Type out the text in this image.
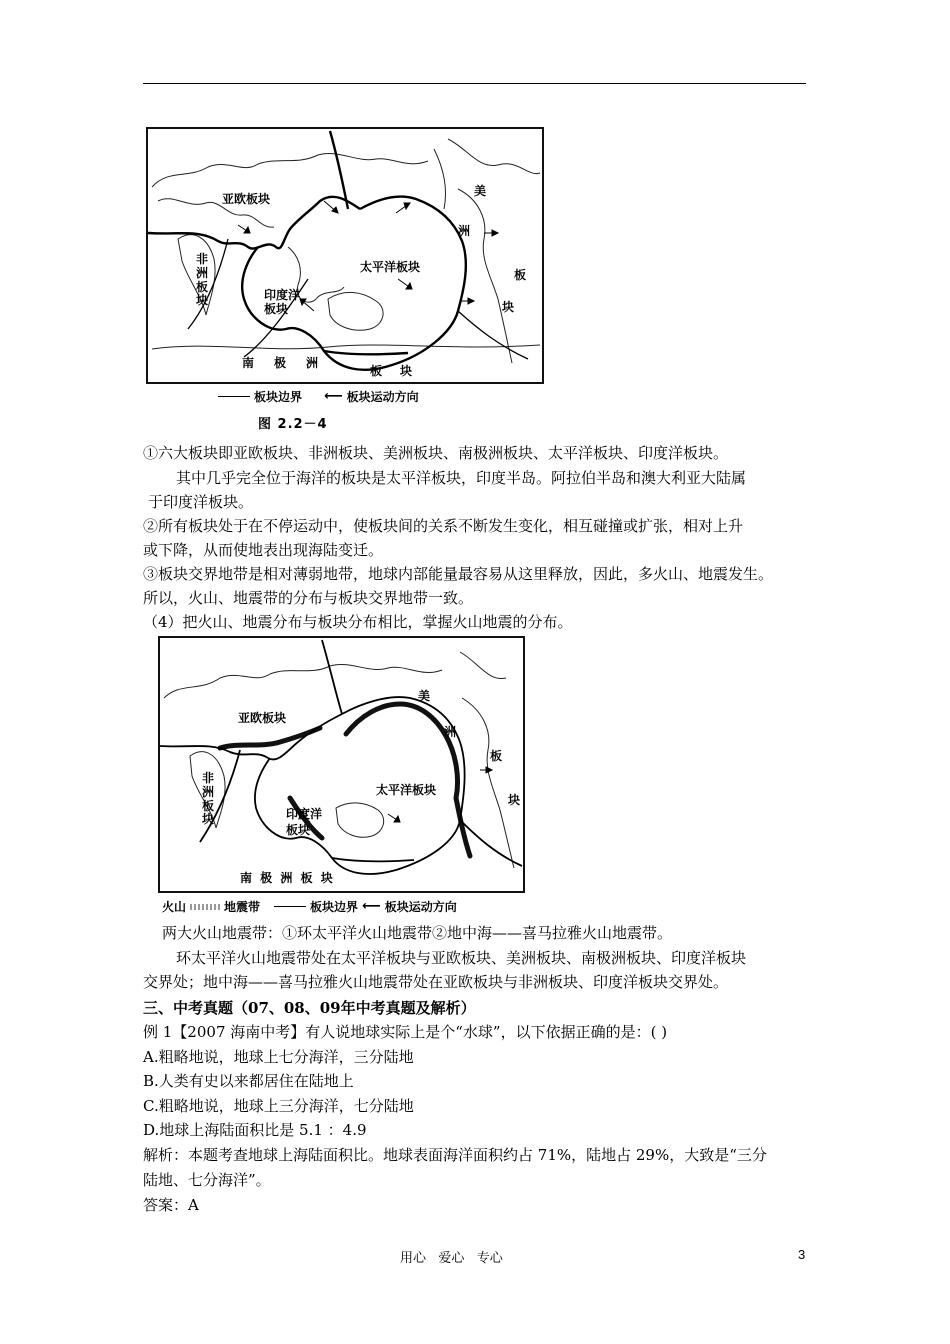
亚欧板块
非洲板块	印度洋
板块
太平洋板块
美
洲
板
块
南 极 洲
板 块
板块边界 ⟵ 板块运动方向
图 2.2－4
①六大板块即亚欧板块、非洲板块、美洲板块、南极洲板块、太平洋板块、印度洋板块。
其中几乎完全位于海洋的板块是太平洋板块，印度半岛。阿拉伯半岛和澳大利亚大陆属
于印度洋板块。
②所有板块处于在不停运动中，使板块间的关系不断发生变化，相互碰撞或扩张，相对上升
或下降，从而使地表出现海陆变迁。
③板块交界地带是相对薄弱地带，地球内部能量最容易从这里释放，因此，多火山、地震发生。
所以，火山、地震带的分布与板块交界地带一致。
（4）把火山、地震分布与板块分布相比，掌握火山地震的分布。
亚欧板块
非洲板块	印度洋
板块
太平洋板块
美
洲
板
块
南 极 洲 板 块
火山	地震带	板块边界 ⟵ 板块运动方向
两大火山地震带：①环太平洋火山地震带②地中海——喜马拉雅火山地震带。
环太平洋火山地震带处在太平洋板块与亚欧板块、美洲板块、南极洲板块、印度洋板块
交界处；地中海——喜马拉雅火山地震带处在亚欧板块与非洲板块、印度洋板块交界处。
三、中考真题（07、08、09年中考真题及解析）
例 1【2007 海南中考】有人说地球实际上是个“水球”，以下依据正确的是：( )
A.粗略地说，地球上七分海洋，三分陆地
B.人类有史以来都居住在陆地上
C.粗略地说，地球上三分海洋，七分陆地
D.地球上海陆面积比是 5.1 ：4.9
解析：本题考查地球上海陆面积比。地球表面海洋面积约占 71%，陆地占 29%，大致是“三分
陆地、七分海洋”。
答案：A
用心   爱心   专心	3
